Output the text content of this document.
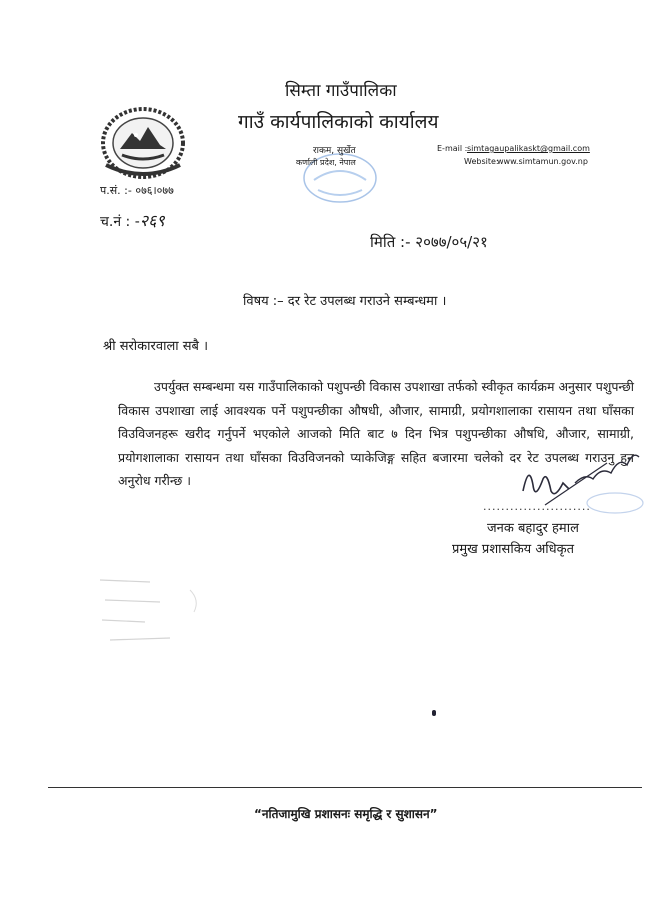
सिम्ता गाउँपालिका
गाउँ कार्यपालिकाको कार्यालय
राकम, सुर्खेत
कर्णाली प्रदेश, नेपाल
E-mail : simtagaupalikaskt@gmail.com
Website:
www.simtamun.gov.np
प.सं. :- ०७६।०७७
च.नं : -२६९
मिति :- २०७७/०५/२१
विषय :– दर रेट उपलब्ध गराउने सम्बन्धमा ।
श्री सरोकारवाला सबै ।

उपर्युक्त सम्बन्धमा यस गाउँपालिकाको पशुपन्छी विकास उपशाखा तर्फको स्वीकृत कार्यक्रम अनुसार पशुपन्छी विकास उपशाखा लाई आवश्यक पर्ने पशुपन्छीका औषधी, औजार, सामाग्री, प्रयोगशालाका रासायन तथा घाँसका विउविजनहरू खरीद गर्नुपर्ने भएकोले आजको मिति बाट ७ दिन भित्र पशुपन्छीका औषधि, औजार, सामाग्री, प्रयोगशालाका रासायन तथा घाँसका विउविजनको प्याकेजिङ्ग सहित बजारमा चलेको दर रेट उपलब्ध गराउनु हुन अनुरोध गरीन्छ ।

........................
जनक बहादुर हमाल
प्रमुख प्रशासकिय अधिकृत
“नतिजामुखि प्रशासनः समृद्धि र सुशासन”
